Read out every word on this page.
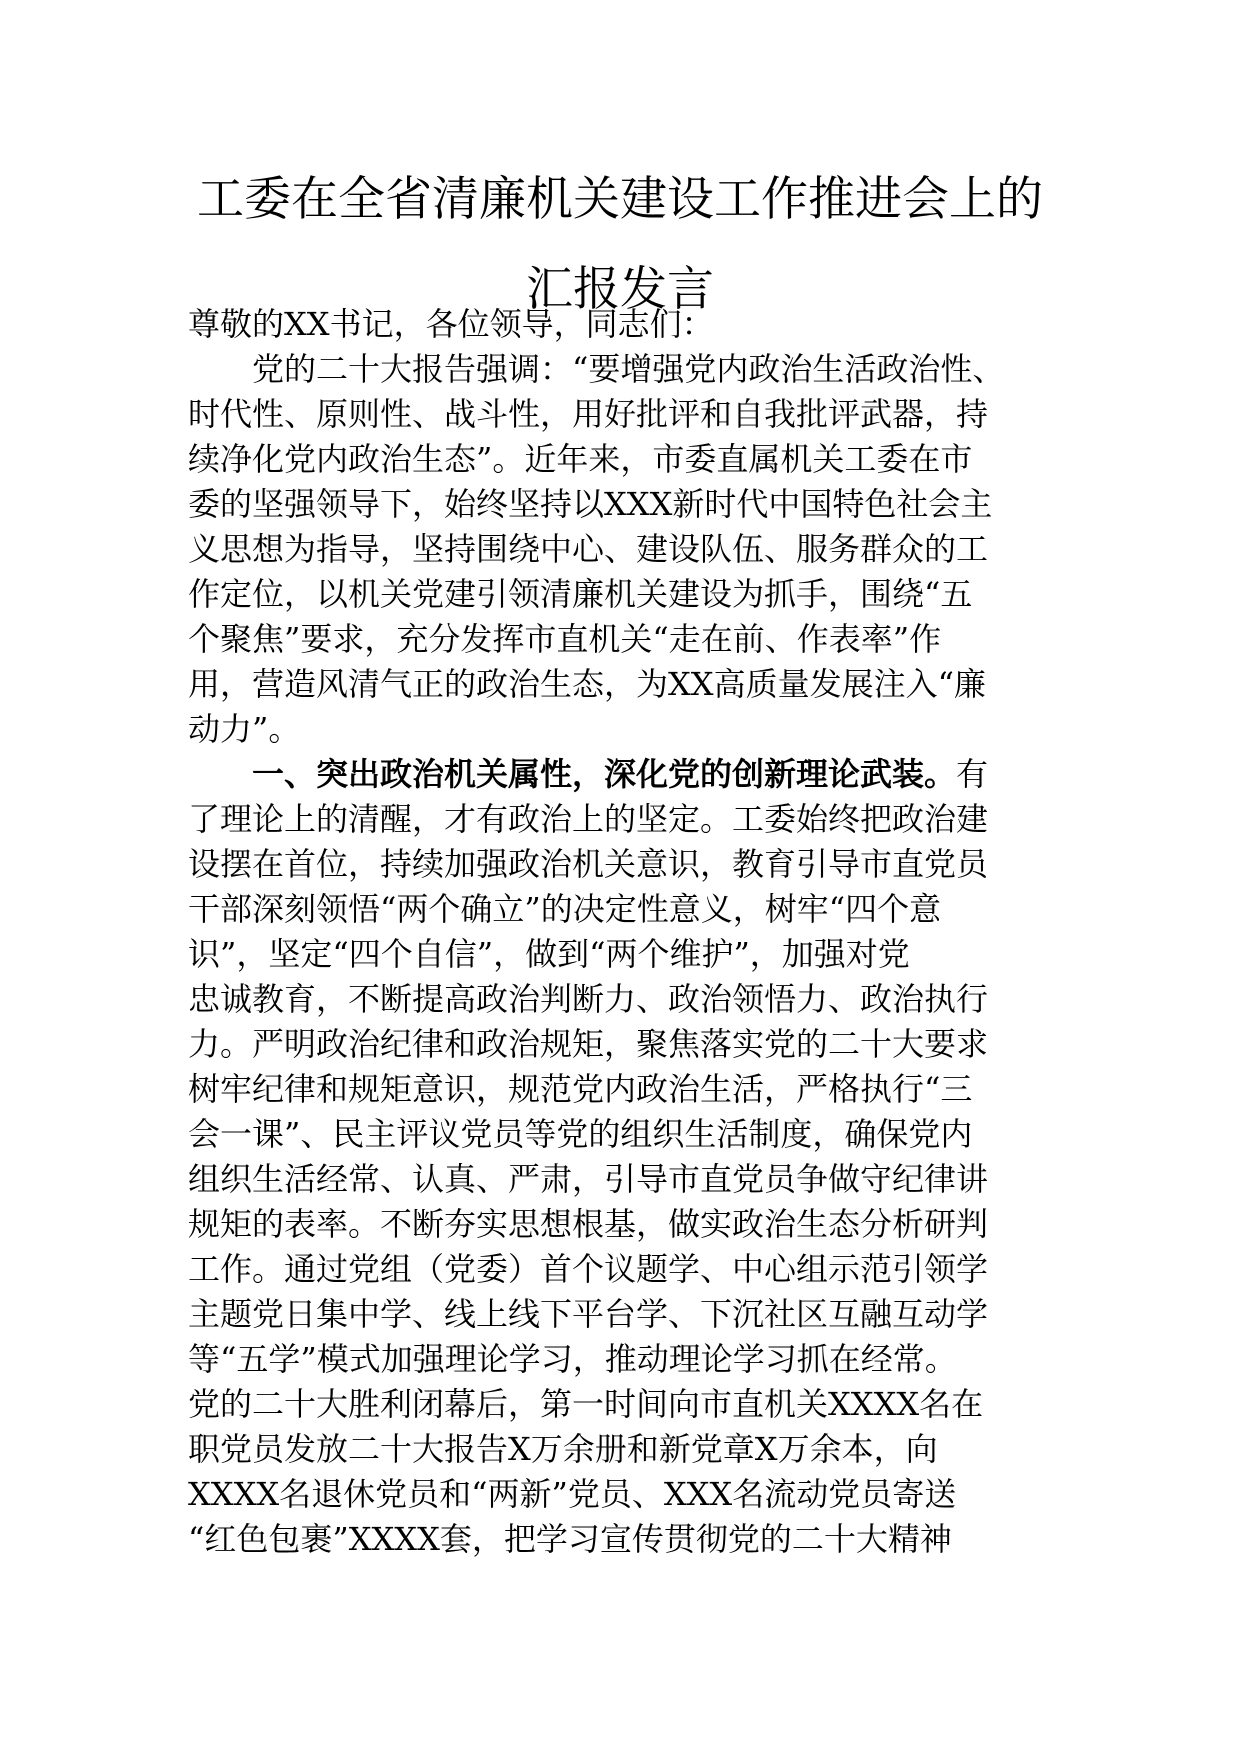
工委在全省清廉机关建设工作推进会上的
汇报发言
尊敬的XX书记，各位领导，同志们：
党的二十大报告强调：“要增强党内政治生活政治性、
时代性、原则性、战斗性，用好批评和自我批评武器，持
续净化党内政治生态”。近年来，市委直属机关工委在市
委的坚强领导下，始终坚持以XXX新时代中国特色社会主
义思想为指导，坚持围绕中心、建设队伍、服务群众的工
作定位，以机关党建引领清廉机关建设为抓手，围绕“五
个聚焦”要求，充分发挥市直机关“走在前、作表率”作
用，营造风清气正的政治生态，为XX高质量发展注入“廉
动力”。
一、突出政治机关属性，深化党的创新理论武装。有
了理论上的清醒，才有政治上的坚定。工委始终把政治建
设摆在首位，持续加强政治机关意识，教育引导市直党员
干部深刻领悟“两个确立”的决定性意义，树牢“四个意
识”，坚定“四个自信”，做到“两个维护”，加强对党
忠诚教育，不断提高政治判断力、政治领悟力、政治执行
力。严明政治纪律和政治规矩，聚焦落实党的二十大要求
树牢纪律和规矩意识，规范党内政治生活，严格执行“三
会一课”、民主评议党员等党的组织生活制度，确保党内
组织生活经常、认真、严肃，引导市直党员争做守纪律讲
规矩的表率。不断夯实思想根基，做实政治生态分析研判
工作。通过党组（党委）首个议题学、中心组示范引领学
主题党日集中学、线上线下平台学、下沉社区互融互动学
等“五学”模式加强理论学习，推动理论学习抓在经常。
党的二十大胜利闭幕后，第一时间向市直机关XXXX名在
职党员发放二十大报告X万余册和新党章X万余本，向
XXXX名退休党员和“两新”党员、XXX名流动党员寄送
“红色包裹”XXXX套，把学习宣传贯彻党的二十大精神
